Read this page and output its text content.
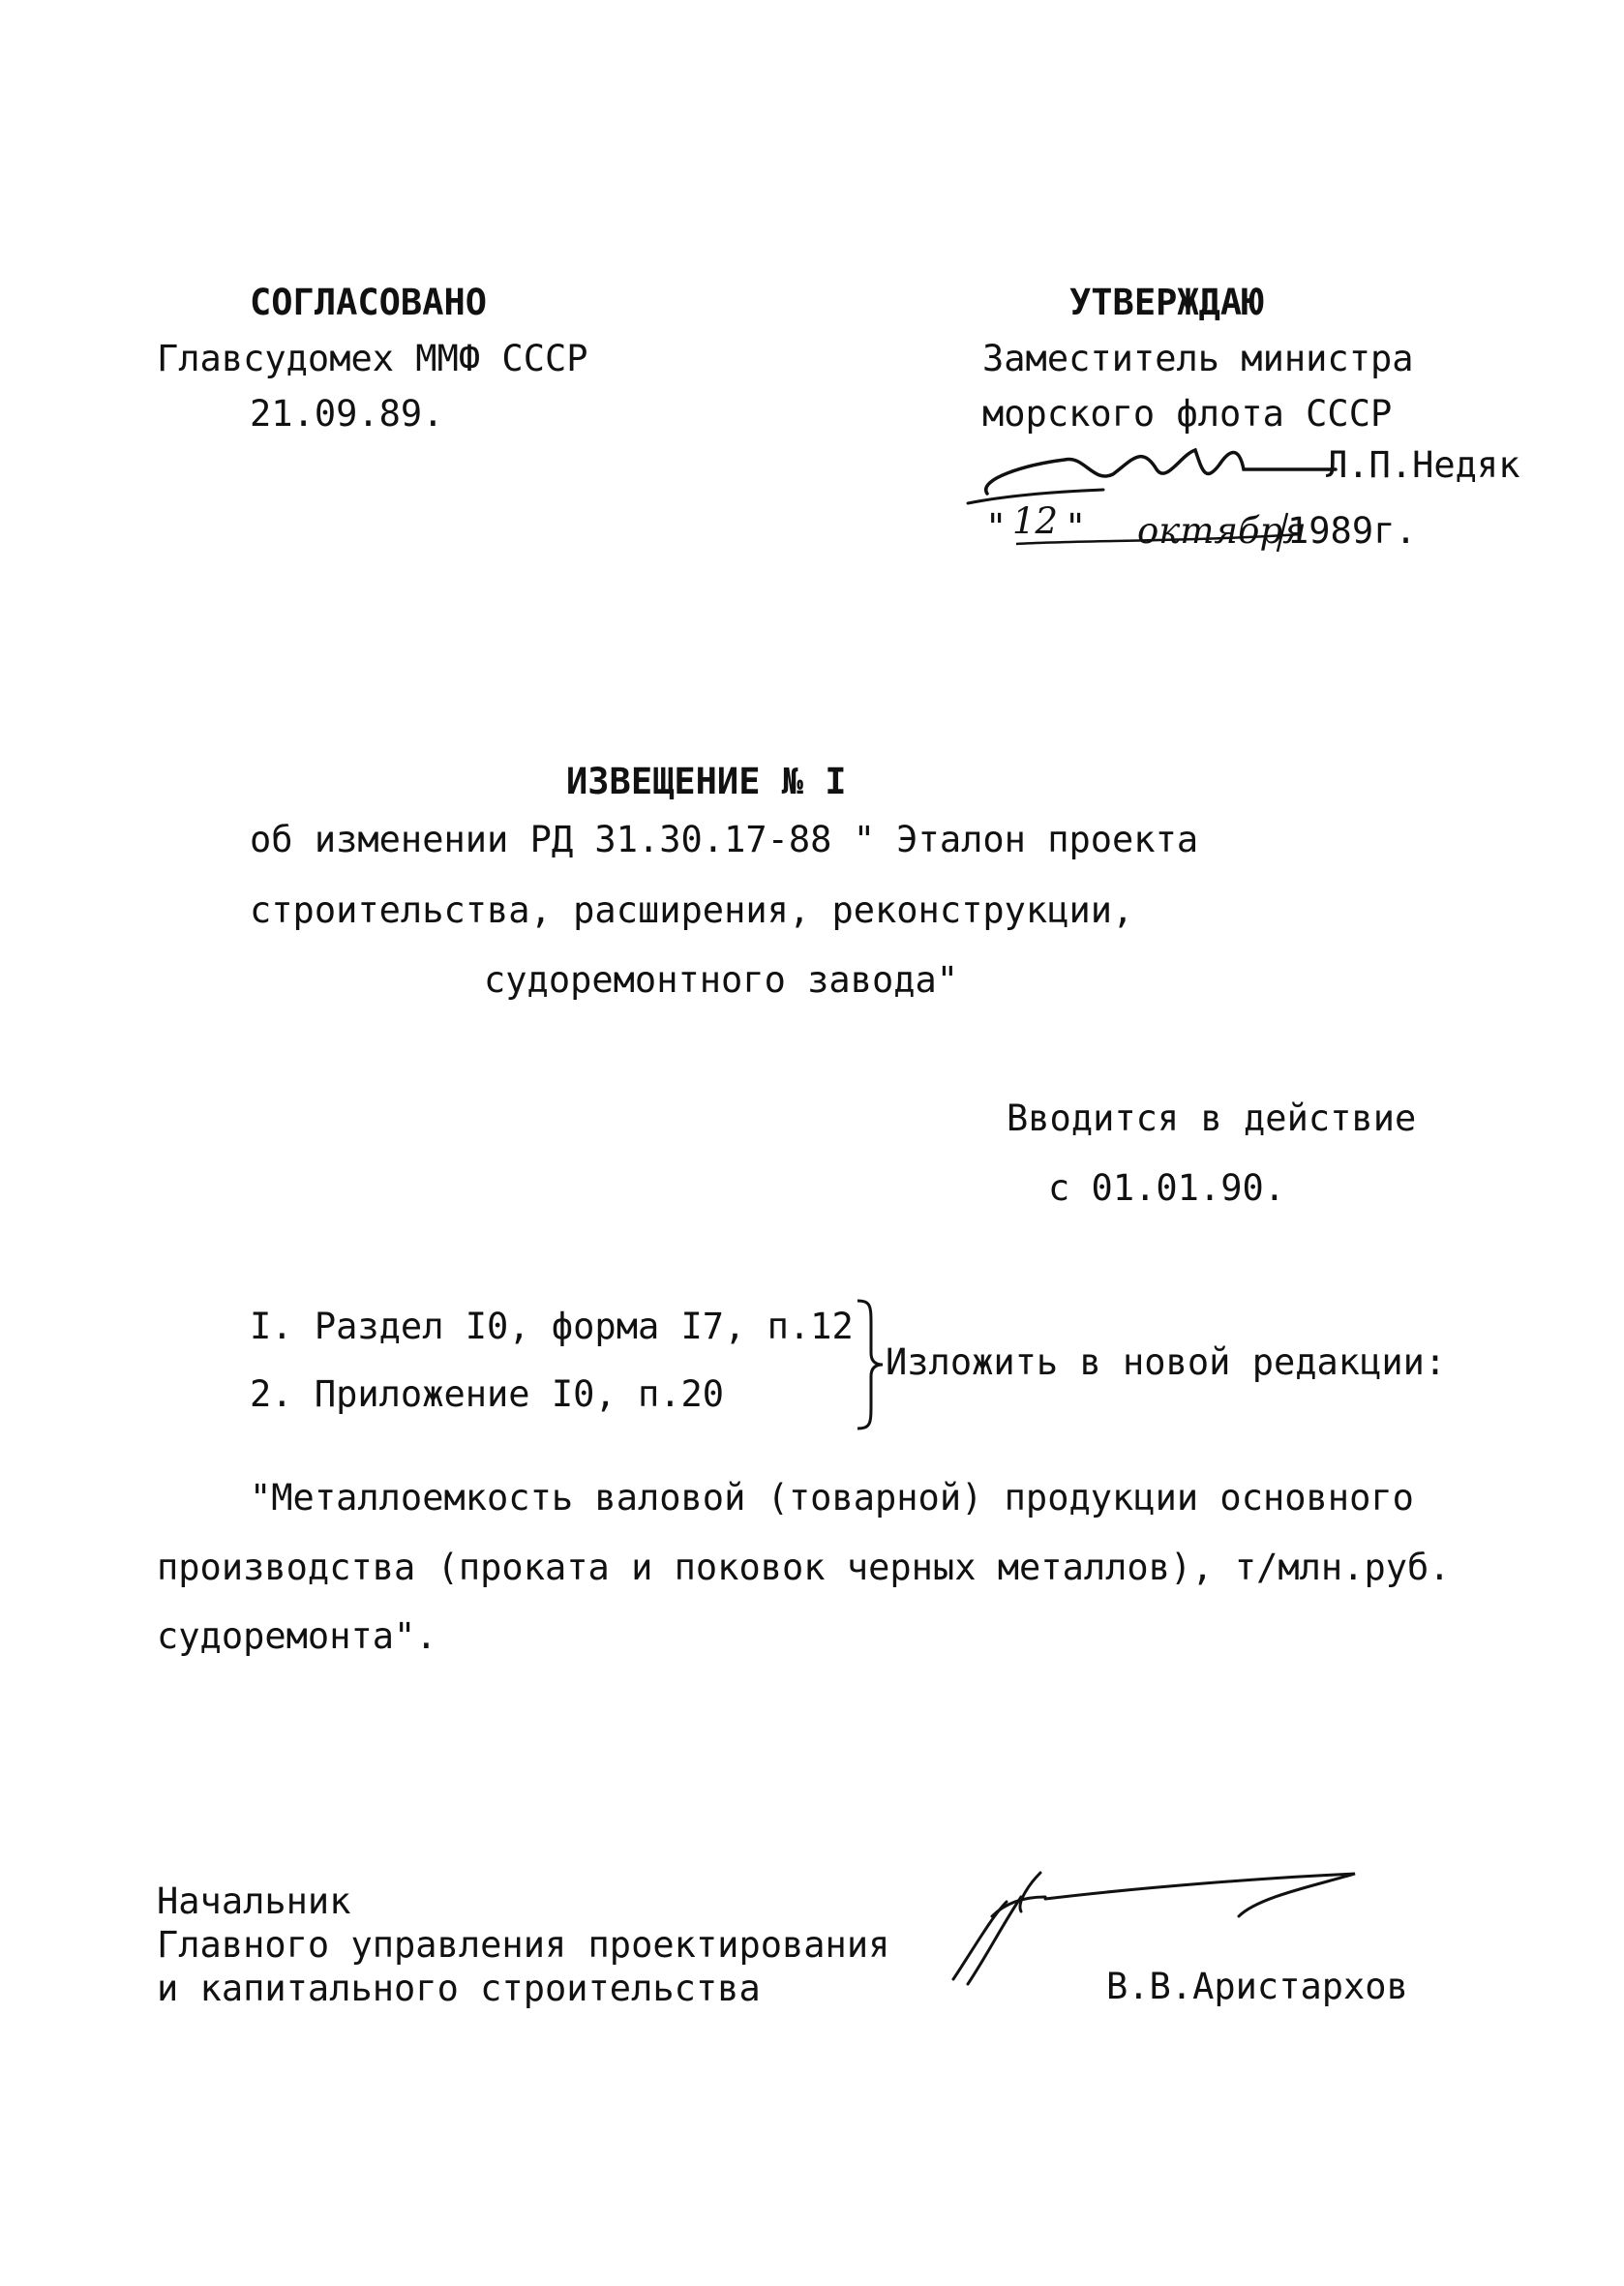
СОГЛАСОВАНО
Главсудомех ММФ СССР
21.09.89.
УТВЕРЖДАЮ
Заместитель министра
морского флота СССР
Л.П.Недяк
" 12 " октября
1989г.
ИЗВЕЩЕНИЕ № I
об изменении РД 31.30.17-88 " Эталон проекта
строительства, расширения, реконструкции,
судоремонтного завода"
Вводится в действие
с 01.01.90.
I. Раздел I0, форма I7, п.12
2. Приложение I0, п.20
Изложить в новой редакции:
"Металлоемкость валовой (товарной) продукции основного
производства (проката и поковок черных металлов), т/млн.руб.
судоремонта".
Начальник
Главного управления проектирования
и капитального строительства	В.В.Аристархов
